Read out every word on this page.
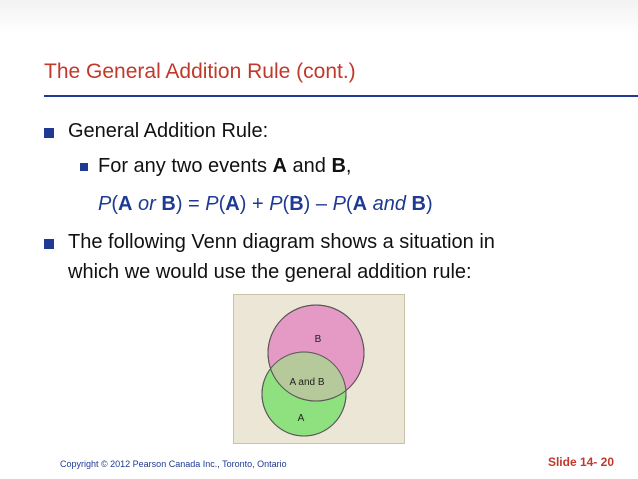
The General Addition Rule (cont.)
General Addition Rule:
For any two events A and B,
P(A or B) = P(A) + P(B) – P(A and B)
The following Venn diagram shows a situation in
which we would use the general addition rule:
B
A and B
A
Copyright © 2012 Pearson Canada Inc., Toronto, Ontario	Slide 14- 20
